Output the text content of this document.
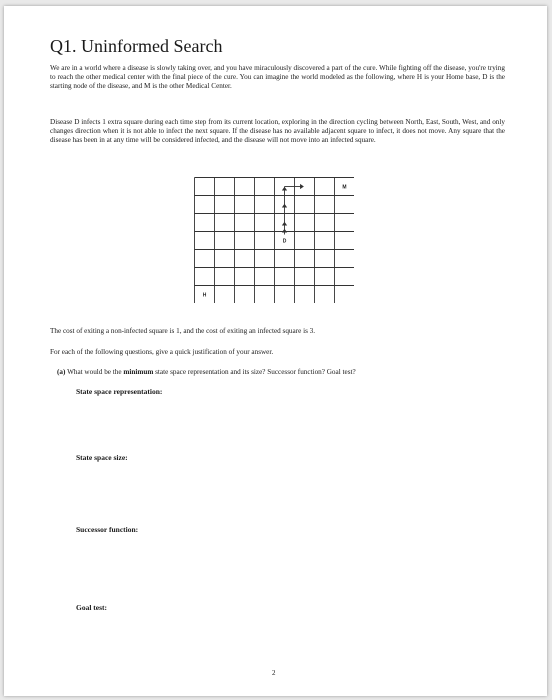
Q1. Uninformed Search

We are in a world where a disease is slowly taking over, and you have miraculously discovered a part of the cure. While fighting off the disease, you're trying to reach the other medical center with the final piece of the cure. You can imagine the world modeled as the following, where H is your Home base, D is the starting node of the disease, and M is the other Medical Center.

Disease D infects 1 extra square during each time step from its current location, exploring in the direction cycling between North, East, South, West, and only changes direction when it is not able to infect the next square. If the disease has no available adjacent square to infect, it does not move. Any square that the disease has been in at any time will be considered infected, and the disease will not move into an infected square.

M
D
H

The cost of exiting a non-infected square is 1, and the cost of exiting an infected square is 3.

For each of the following questions, give a quick justification of your answer.

(a) What would be the minimum state space representation and its size? Successor function? Goal test?
State space representation:
State space size:
Successor function:
Goal test:
2
